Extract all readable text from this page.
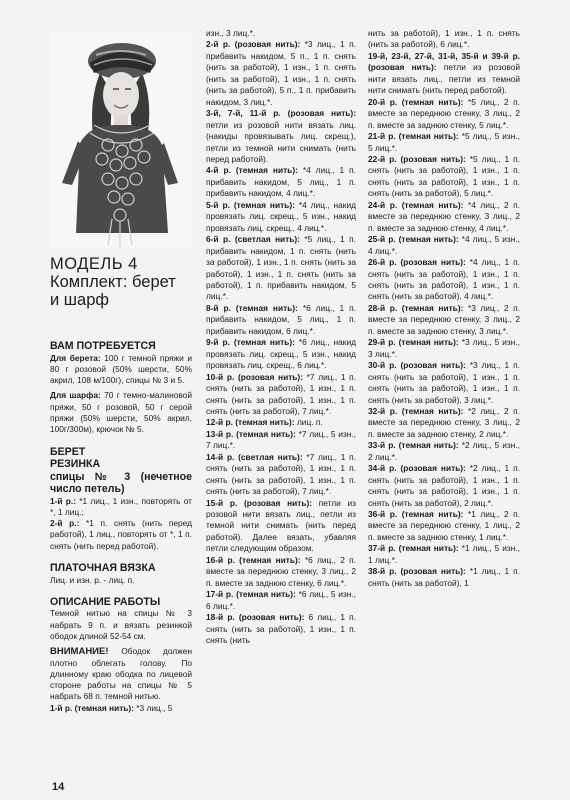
МОДЕЛЬ 4
Комплект: берет
и шарф
ВАМ ПОТРЕБУЕТСЯ

Для берета: 100 г темной пряжи и 80 г розовой (50% шерсти, 50% акрил, 108 м/100г), спицы № 3 и 5.

Для шарфа: 70 г темно-малиновой пряжи, 50 г розовой, 50 г серой пряжи (50% шерсти, 50% акрил, 100г/300м), крючок № 5.

БЕРЕТ
РЕЗИНКА
спицы № 3 (нечетное число петель)

1-й р.: *1 лиц., 1 изн., повторять от *, 1 лиц.;

2-й р.: *1 п. снять (нить перед работой), 1 лиц., повторять от *, 1 п. снять (нить перед работой).

ПЛАТОЧНАЯ ВЯЗКА

Лиц. и изн. р. - лиц. п.

ОПИСАНИЕ РАБОТЫ

Темной нитью на спицы № 3 набрать 9 п. и вязать резинкой ободок длиной 52-54 см.

ВНИМАНИЕ! Ободок должен плотно облегать голову. По длинному краю ободка по лицевой стороне работы на спицы № 5 набрать 68 п. темной нитью.

1-й р. (темная нить): *3 лиц., 5

изн., 3 лиц.*.

2-й р. (розовая нить): *3 лиц., 1 п. прибавить накидом, 5 п., 1 п. снять (нить за работой), 1 изн., 1 п. снять (нить за работой), 1 изн., 1 п. снять (нить за работой), 5 п., 1 п. прибавить накидом, 3 лиц.*.

3-й, 7-й, 11-й р. (розовая нить): петли из розовой нити вязать лиц. (накиды провязывать лиц. скрещ.), петли из темной нити снимать (нить перед работой).

4-й р. (темная нить): *4 лиц., 1 п. прибавить накидом, 5 лиц., 1 п. прибавить накидом, 4 лиц.*.

5-й р. (темная нить): *4 лиц., накид провязать лиц. скрещ., 5 изн., накид провязать лиц. скрещ., 4 лиц.*.

6-й р. (светлая нить): *5 лиц., 1 п. прибавить накидом, 1 п. снять (нить за работой), 1 изн., 1 п. снять (нить за работой), 1 изн., 1 п. снять (нить за работой), 1 п. прибавить накидом, 5 лиц.*.

8-й р. (темная нить): *6 лиц., 1 п. прибавить накидом, 5 лиц., 1 п. прибавить накидом, 6 лиц.*.

9-й р. (темная нить): *6 лиц., накид провязать лиц. скрещ., 5 изн., накид провязать лиц. скрещ., 6 лиц.*.

10-й р. (розовая нить): *7 лиц., 1 п. снять (нить за работой), 1 изн., 1 п. снять (нить за работой), 1 изн., 1 п. снять (нить за работой), 7 лиц.*.

12-й р. (темная нить): лиц. п.

13-й р. (темная нить): *7 лиц., 5 изн., 7 лиц.*.

14-й р. (светлая нить): *7 лиц., 1 п. снять (нить за работой), 1 изн., 1 п. снять (нить за работой), 1 изн., 1 п. снять (нить за работой), 7 лиц.*.

15-й р. (розовая нить): петли из розовой нити вязать лиц., петли из темной нити снимать (нить перед работой). Далее вязать, убавляя петли следующим образом.

16-й р. (темная нить): *6 лиц., 2 п. вместе за переднюю стенку, 3 лиц., 2 п. вместе за заднюю стенку, 6 лиц.*.

17-й р. (темная нить): *6 лиц., 5 изн., 6 лиц.*.

18-й р. (розовая нить): 6 лиц., 1 п. снять (нить за работой), 1 изн., 1 п. снять (нить

нить за работой), 1 изн., 1 п. снять (нить за работой), 6 лиц.*.

19-й, 23-й, 27-й, 31-й, 35-й и 39-й р. (розовая нить): петли из розовой нити вязать лиц., петли из темной нити снимать (нить перед работой).

20-й р. (темная нить): *5 лиц., 2 п. вместе за переднюю стенку, 3 лиц., 2 п. вместе за заднюю стенку, 5 лиц.*.

21-й р. (темная нить): *5 лиц., 5 изн., 5 лиц.*.

22-й р. (розовая нить): *5 лиц., 1 п. снять (нить за работой), 1 изн., 1 п. снять (нить за работой), 1 изн., 1 п. снять (нить за работой), 5 лиц.*.

24-й р. (темная нить): *4 лиц., 2 п. вместе за переднюю стенку, 3 лиц., 2 п. вместе за заднюю стенку, 4 лиц.*.

25-й р. (темная нить): *4 лиц., 5 изн., 4 лиц.*.

26-й р. (розовая нить): *4 лиц., 1 п. снять (нить за работой), 1 изн., 1 п. снять (нить за работой), 1 изн., 1 п. снять (нить за работой), 4 лиц.*.

28-й р. (темная нить): *3 лиц., 2 п. вместе за переднюю стенку, 3 лиц., 2 п. вместе за заднюю стенку, 3 лиц.*.

29-й р. (темная нить): *3 лиц., 5 изн., 3 лиц.*.

30-й р. (розовая нить): *3 лиц., 1 п. снять (нить за работой), 1 изн., 1 п. снять (нить за работой), 1 изн., 1 п. снять (нить за работой), 3 лиц.*.

32-й р. (темная нить): *2 лиц., 2 п. вместе за переднюю стенку, 3 лиц., 2 п. вместе за заднюю стенку, 2 лиц.*.

33-й р. (темная нить): *2 лиц., 5 изн., 2 лиц.*.

34-й р. (розовая нить): *2 лиц., 1 п. снять (нить за работой), 1 изн., 1 п. снять (нить за работой), 1 изн., 1 п. снять (нить за работой), 2 лиц.*.

36-й р. (темная нить): *1 лиц., 2 п. вместе за переднюю стенку, 1 лиц., 2 п. вместе за заднюю стенку, 1 лиц.*.

37-й р. (темная нить): *1 лиц., 5 изн., 1 лиц.*.

38-й р. (розовая нить): *1 лиц., 1 п. снять (нить за работой), 1

14
